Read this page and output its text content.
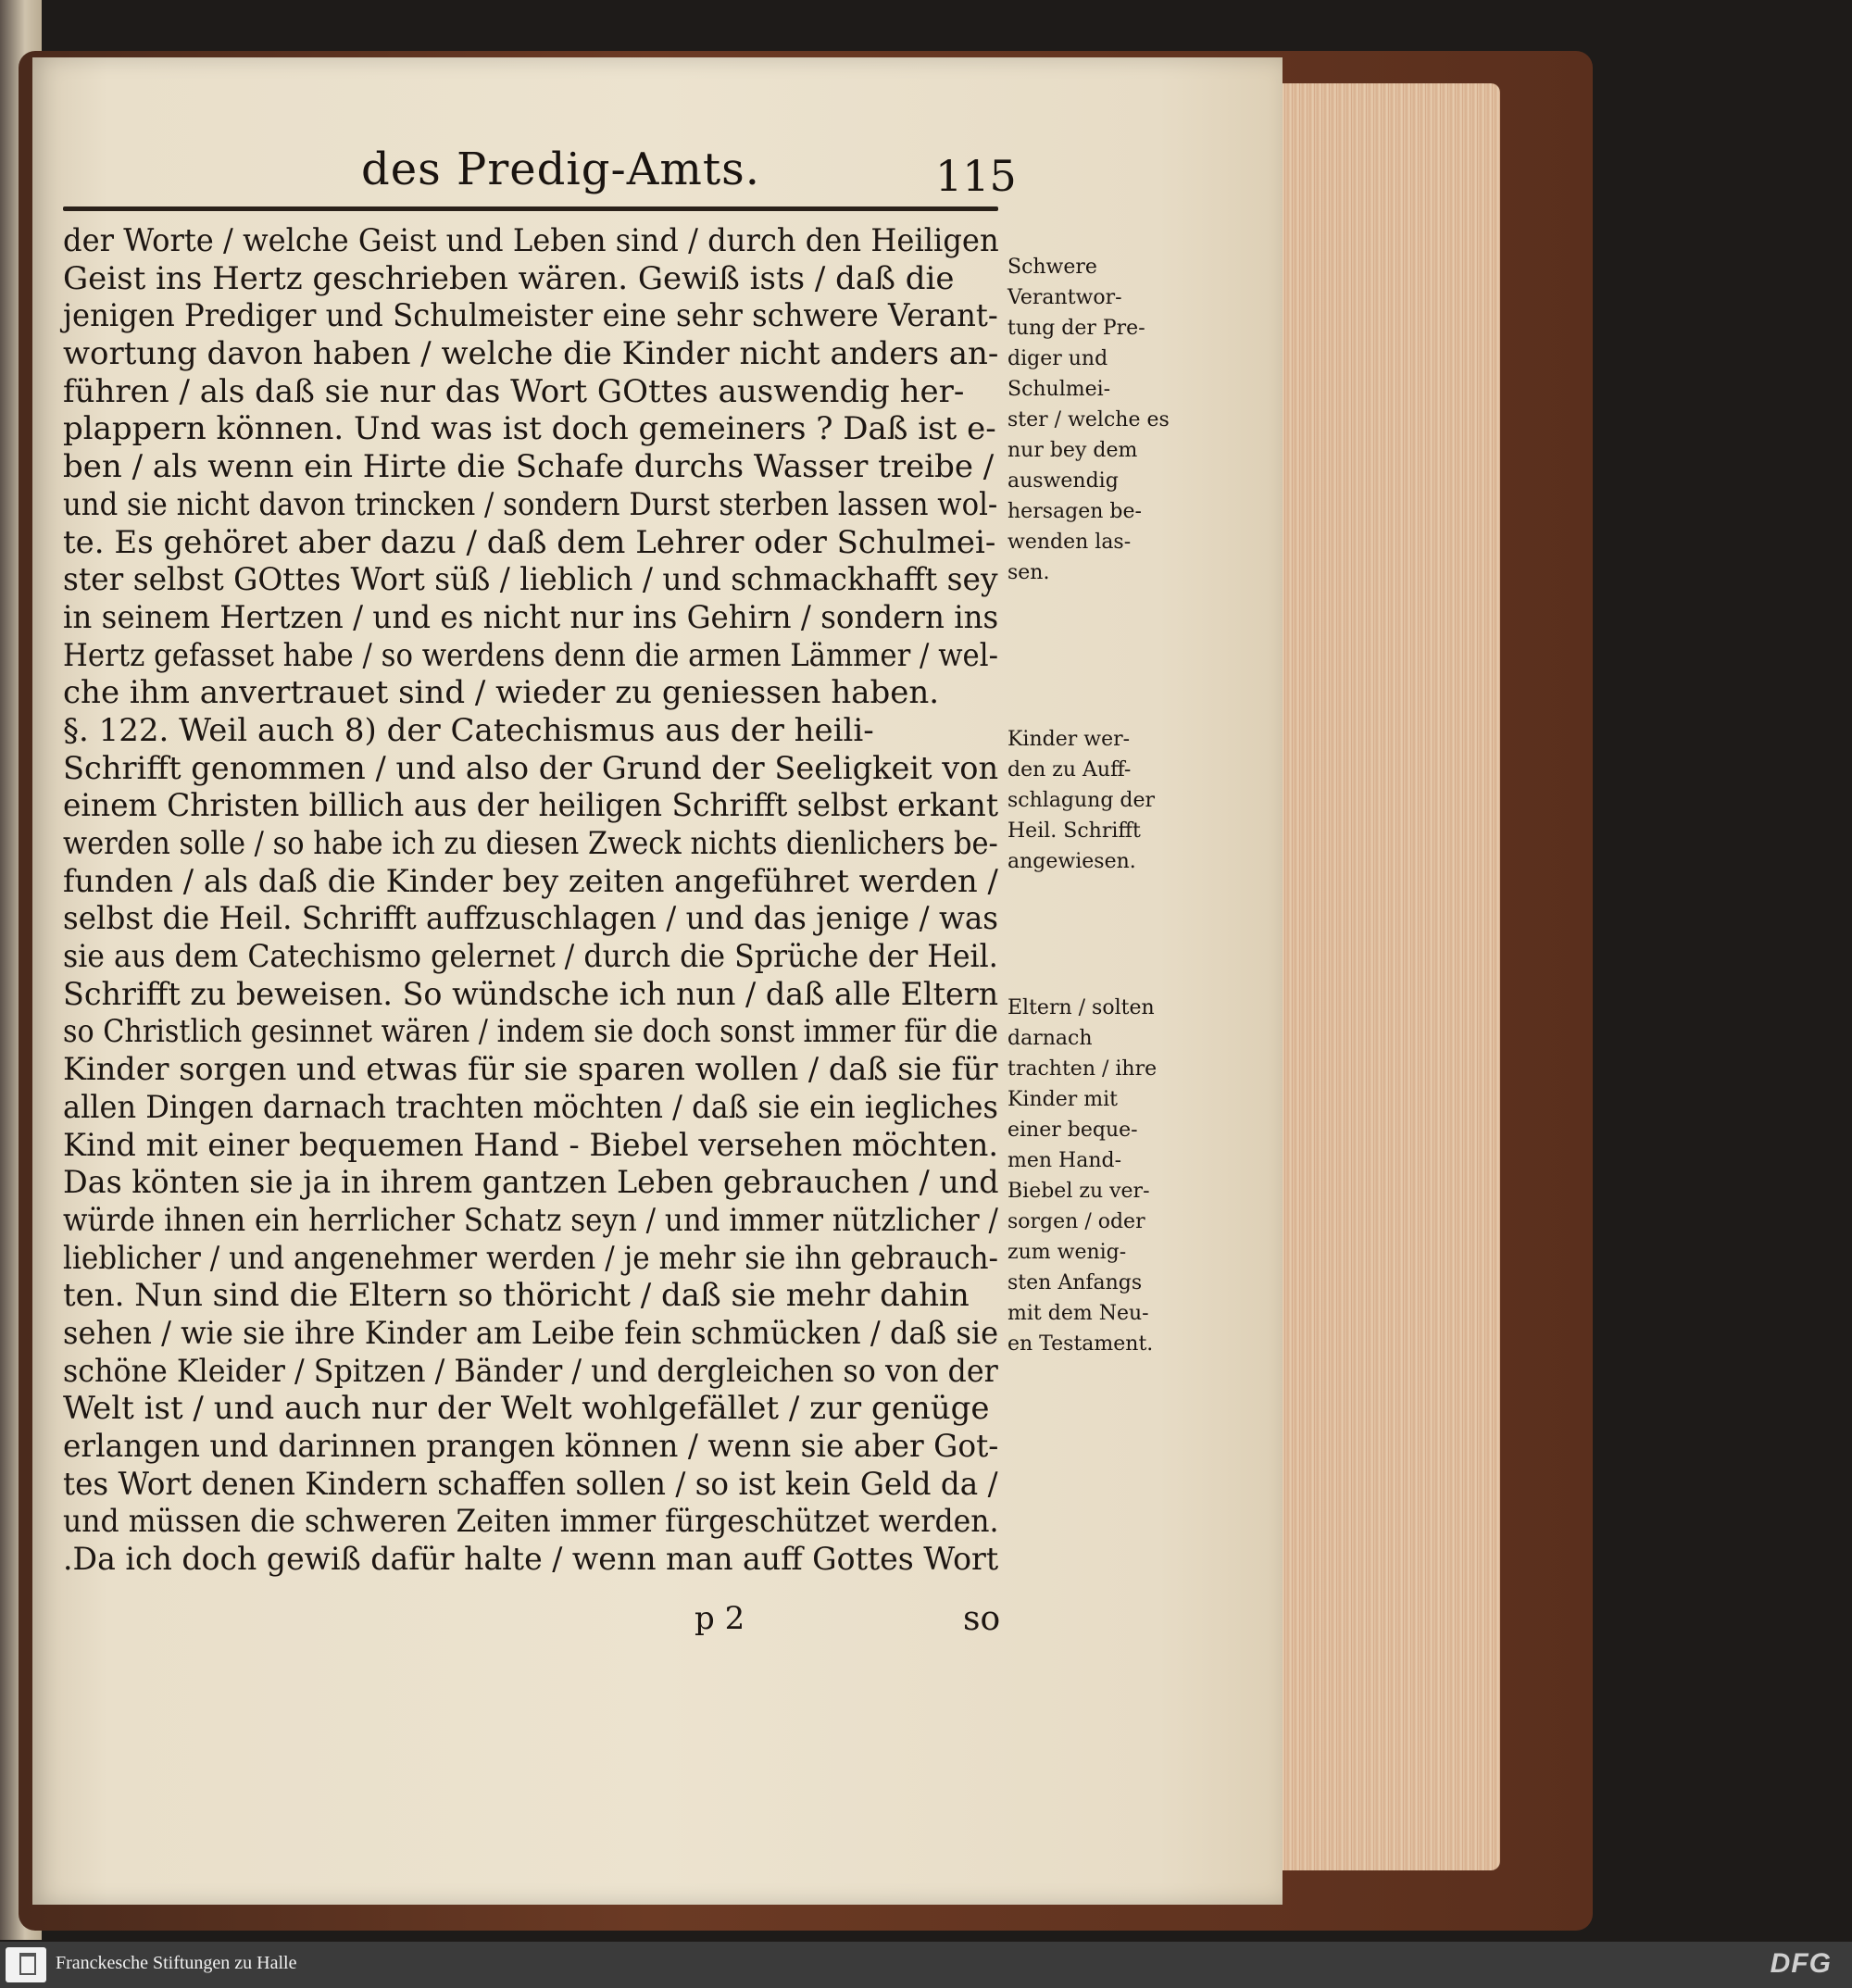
des Predig-Amts.	115
der Worte / welche Geist und Leben sind / durch den Heiligen
Geist ins Hertz geschrieben wären. Gewiß ists / daß die
jenigen Prediger und Schulmeister eine sehr schwere Verant-
wortung davon haben / welche die Kinder nicht anders an-
führen / als daß sie nur das Wort GOttes auswendig her-
plappern können. Und was ist doch gemeiners ? Daß ist e-
ben / als wenn ein Hirte die Schafe durchs Wasser treibe /
und sie nicht davon trincken / sondern Durst sterben lassen wol-
te. Es gehöret aber dazu / daß dem Lehrer oder Schulmei-
ster selbst GOttes Wort süß / lieblich / und schmackhafft sey
in seinem Hertzen / und es nicht nur ins Gehirn / sondern ins
Hertz gefasset habe / so werdens denn die armen Lämmer / wel-
che ihm anvertrauet sind / wieder zu geniessen haben.
§. 122. Weil auch 8) der Catechismus aus der heili-
Schrifft genommen / und also der Grund der Seeligkeit von
einem Christen billich aus der heiligen Schrifft selbst erkant
werden solle / so habe ich zu diesen Zweck nichts dienlichers be-
funden / als daß die Kinder bey zeiten angeführet werden /
selbst die Heil. Schrifft auffzuschlagen / und das jenige / was
sie aus dem Catechismo gelernet / durch die Sprüche der Heil.
Schrifft zu beweisen. So wündsche ich nun / daß alle Eltern
so Christlich gesinnet wären / indem sie doch sonst immer für die
Kinder sorgen und etwas für sie sparen wollen / daß sie für
allen Dingen darnach trachten möchten / daß sie ein iegliches
Kind mit einer bequemen Hand - Biebel versehen möchten.
Das könten sie ja in ihrem gantzen Leben gebrauchen / und
würde ihnen ein herrlicher Schatz seyn / und immer nützlicher /
lieblicher / und angenehmer werden / je mehr sie ihn gebrauch-
ten. Nun sind die Eltern so thöricht / daß sie mehr dahin
sehen / wie sie ihre Kinder am Leibe fein schmücken / daß sie
schöne Kleider / Spitzen / Bänder / und dergleichen so von der
Welt ist / und auch nur der Welt wohlgefället / zur genüge
erlangen und darinnen prangen können / wenn sie aber Got-
tes Wort denen Kindern schaffen sollen / so ist kein Geld da /
und müssen die schweren Zeiten immer fürgeschützet werden.
.Da ich doch gewiß dafür halte / wenn man auff Gottes Wort
Schwere
Verantwor-
tung der Pre-
diger und
Schulmei-
ster / welche es
nur bey dem
auswendig
hersagen be-
wenden las-
sen.
Kinder wer-
den zu Auff-
schlagung der
Heil. Schrifft
angewiesen.
Eltern / solten
darnach
trachten / ihre
Kinder mit
einer beque-
men Hand-
Biebel zu ver-
sorgen / oder
zum wenig-
sten Anfangs
mit dem Neu-
en Testament.
p 2	so
Franckesche Stiftungen zu Halle	DFG
